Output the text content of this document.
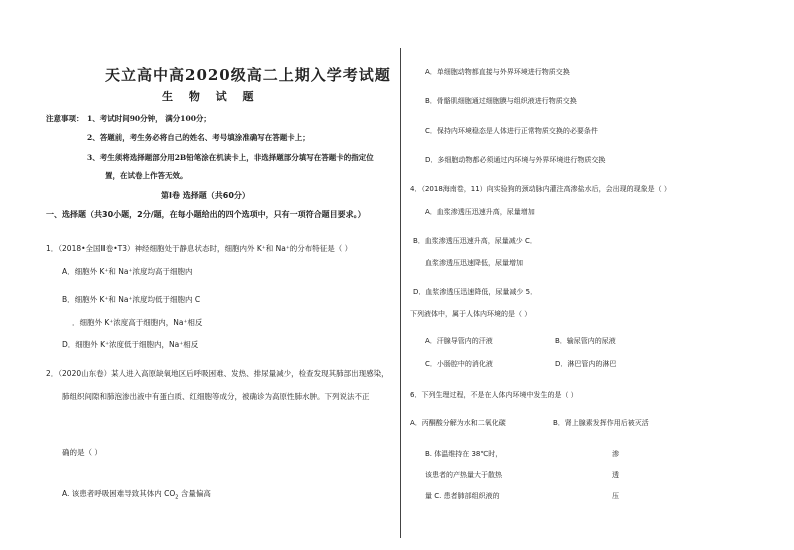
天立高中高2020级高二上期入学考试题
生 物 试 题
注意事项： 1、考试时间90分钟， 满分100分；
2、答题前，考生务必将自己的姓名、考号填涂准确写在答题卡上；
3、考生须将选择题部分用2B铅笔涂在机读卡上，非选择题部分填写在答题卡的指定位
置，在试卷上作答无效。
第I卷 选择题（共60分）
一、选择题（共30小题，2分/题，在每小题给出的四个选项中，只有一项符合题目要求。）
1．（2018•全国Ⅲ卷•T3）神经细胞处于静息状态时，细胞内外 K⁺和 Na⁺的分布特征是（ ）
A．细胞外 K⁺和 Na⁺浓度均高于细胞内
B．细胞外 K⁺和 Na⁺浓度均低于细胞内 C
．细胞外 K⁺浓度高于细胞内，Na⁺相反
D．细胞外 K⁺浓度低于细胞内，Na⁺相反
2．（2020山东卷）某人进入高原缺氧地区后呼吸困难、发热、排尿量减少，检查发现其肺部出现感染，
肺组织间隙和肺泡渗出液中有蛋白质、红细胞等成分，被确诊为高原性肺水肿。下列说法不正
确的是（ ）
A. 该患者呼吸困难导致其体内 $CO_2$ 含量偏高
A．单细胞动物都直接与外界环境进行物质交换
B．骨骼肌细胞通过细胞膜与组织液进行物质交换
C．保持内环境稳态是人体进行正常物质交换的必要条件
D．多细胞动物都必须通过内环境与外界环境进行物质交换
4．（2018海南卷，11）向实验狗的颈动脉内灌注高渗盐水后，会出现的现象是（ ）
A．血浆渗透压迅速升高，尿量增加
B．血浆渗透压迅速升高，尿量减少 C．
血浆渗透压迅速降低，尿量增加
D．血浆渗透压迅速降低，尿量减少 5．
下列液体中，属于人体内环境的是（ ）
A．汗腺导管内的汗液	B．输尿管内的尿液
C．小肠腔中的消化液	D．淋巴管内的淋巴
6．下列生理过程，不是在人体内环境中发生的是（ ）
A．丙酮酸分解为水和二氧化碳	B．肾上腺素发挥作用后被灭活
B. 体温维持在 38℃时，
该患者的产热量大于散热
量 C. 患者肺部组织液的
渗
透
压
